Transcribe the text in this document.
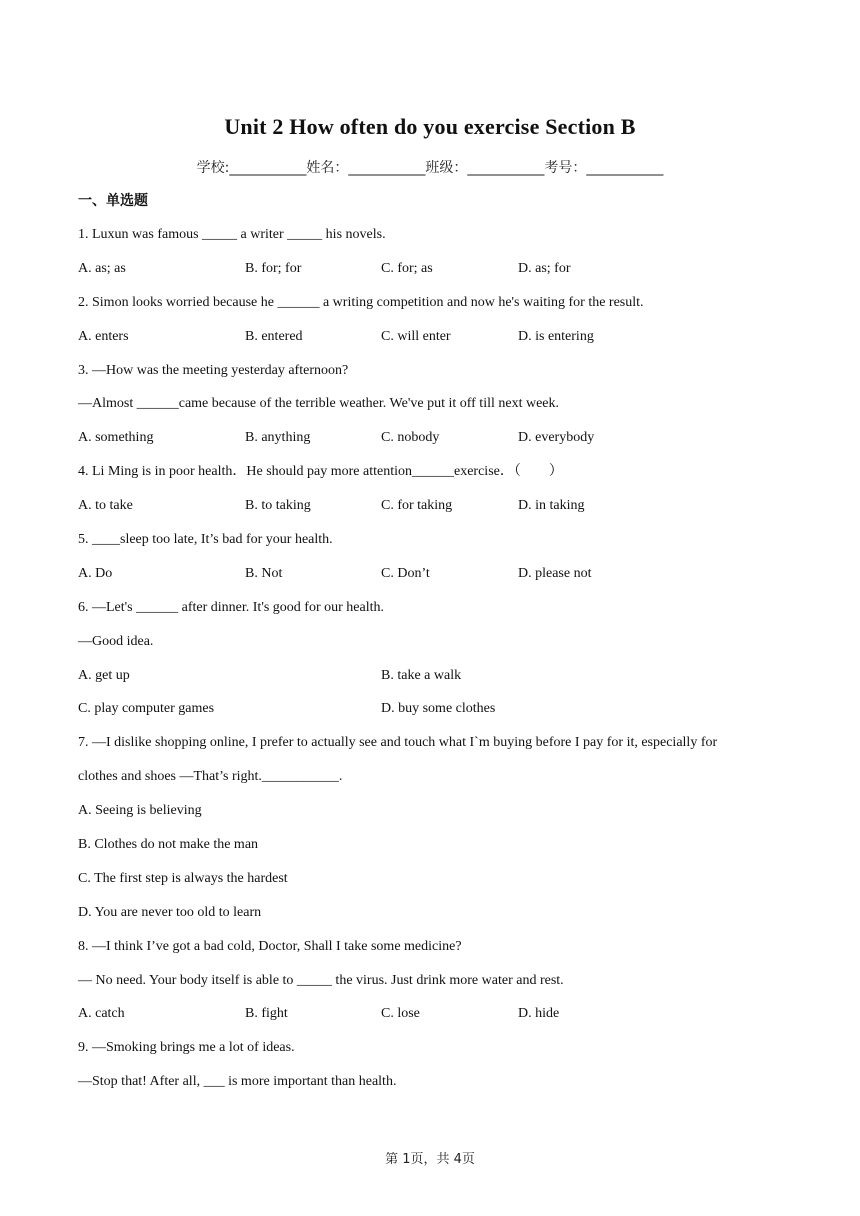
Unit 2 How often do you exercise Section B
学校:___________姓名：___________班级：___________考号：___________
一、单选题
1. Luxun was famous _____ a writer _____ his novels.
A. as; as	B. for; for	C. for; as	D. as; for
2. Simon looks worried because he ______ a writing competition and now he's waiting for the result.
A. enters	B. entered	C. will enter	D. is entering
3. —How was the meeting yesterday afternoon?
—Almost ______came because of the terrible weather. We've put it off till next week.
A. something	B. anything	C. nobody	D. everybody
4. Li Ming is in poor health．He should pay more attention______exercise．（　　）
A. to take	B. to taking	C. for taking	D. in taking
5. ____sleep too late, It’s bad for your health.
A. Do	B. Not	C. Don’t	D. please not
6. —Let's ______ after dinner. It's good for our health.
—Good idea.
A. get up	B. take a walk
C. play computer games	D. buy some clothes
7. —I dislike shopping online, I prefer to actually see and touch what I`m buying before I pay for it, especially for
clothes and shoes —That’s right.___________.
A. Seeing is believing
B. Clothes do not make the man
C. The first step is always the hardest
D. You are never too old to learn
8. —I think I’ve got a bad cold, Doctor, Shall I take some medicine?
— No need. Your body itself is able to _____ the virus. Just drink more water and rest.
A. catch	B. fight	C. lose	D. hide
9. —Smoking brings me a lot of ideas.
—Stop that! After all, ___ is more important than health.
第 1页，共 4页
